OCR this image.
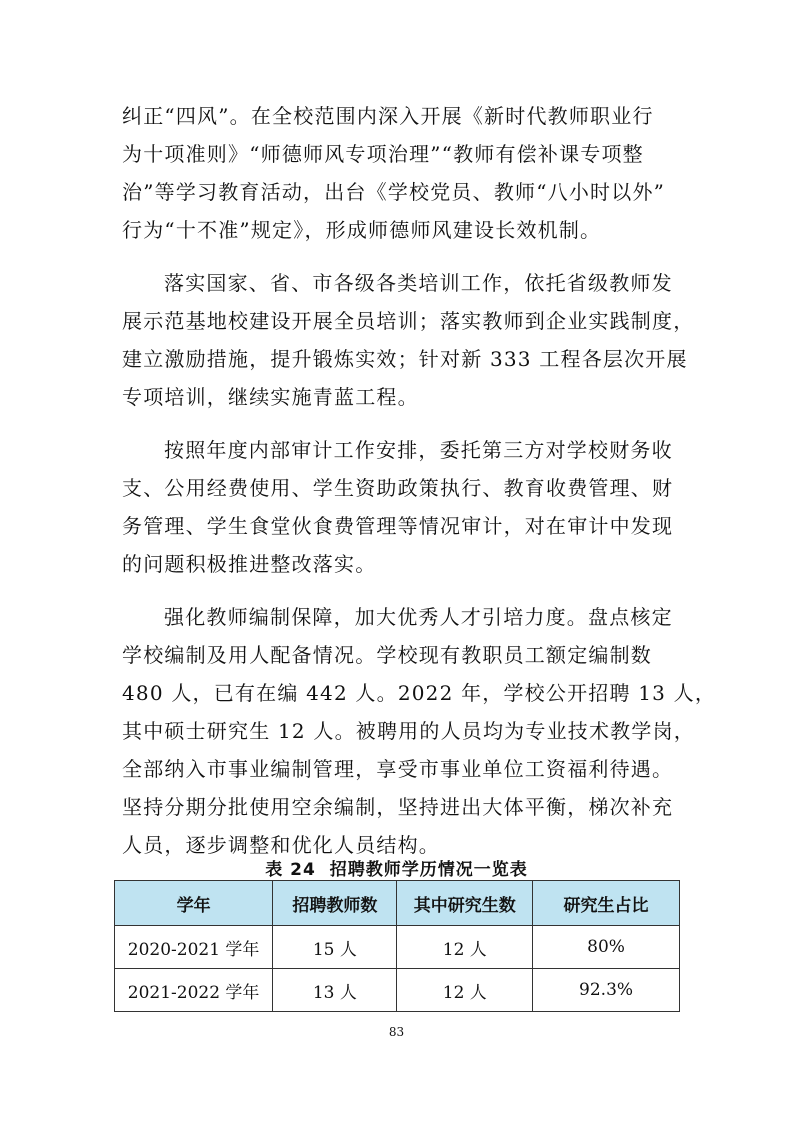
纠正“四风”。在全校范围内深入开展《新时代教师职业行
为十项准则》“师德师风专项治理”“教师有偿补课专项整
治”等学习教育活动，出台《学校党员、教师“八小时以外”
行为“十不准”规定》，形成师德师风建设长效机制。
落实国家、省、市各级各类培训工作，依托省级教师发
展示范基地校建设开展全员培训；落实教师到企业实践制度，
建立激励措施，提升锻炼实效；针对新 333 工程各层次开展
专项培训，继续实施青蓝工程。
按照年度内部审计工作安排，委托第三方对学校财务收
支、公用经费使用、学生资助政策执行、教育收费管理、财
务管理、学生食堂伙食费管理等情况审计，对在审计中发现
的问题积极推进整改落实。
强化教师编制保障，加大优秀人才引培力度。盘点核定
学校编制及用人配备情况。学校现有教职员工额定编制数
480 人，已有在编 442 人。2022 年，学校公开招聘 13 人，
其中硕士研究生 12 人。被聘用的人员均为专业技术教学岗，
全部纳入市事业编制管理，享受市事业单位工资福利待遇。
坚持分期分批使用空余编制，坚持进出大体平衡，梯次补充
人员，逐步调整和优化人员结构。
表 24 招聘教师学历情况一览表
学年	招聘教师数	其中研究生数	研究生占比
2020-2021 学年	15 人	12 人	80%
2021-2022 学年	13 人	12 人	92.3%
83
